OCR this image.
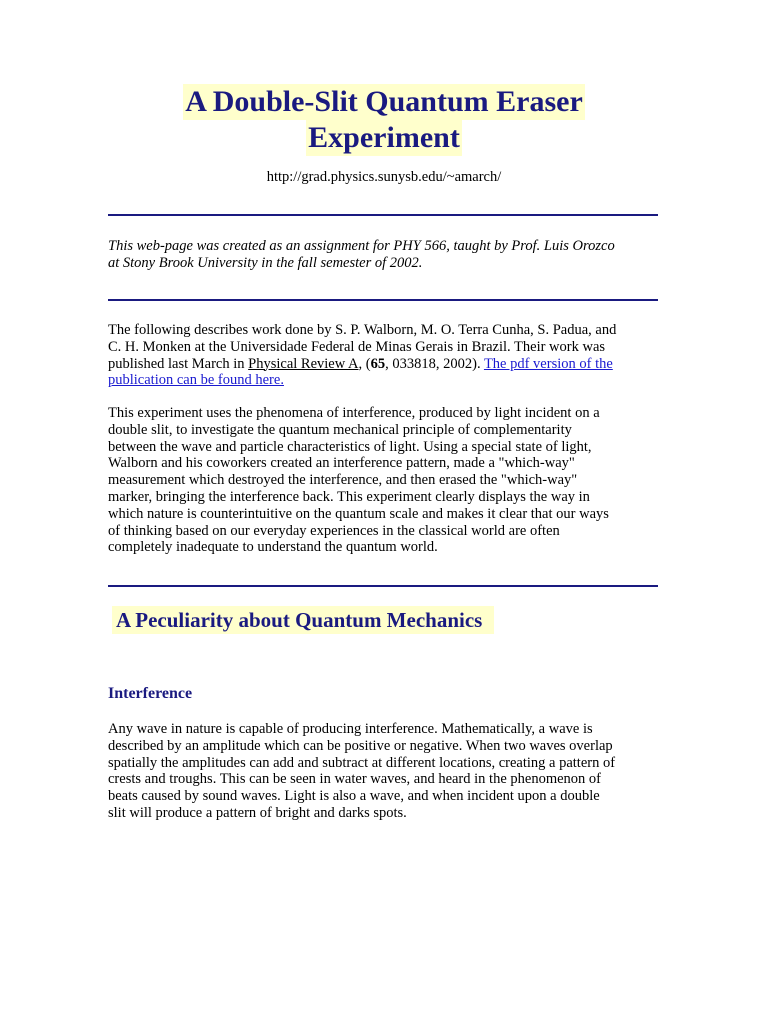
A Double-Slit Quantum Eraser
Experiment
http://grad.physics.sunysb.edu/~amarch/
This web-page was created as an assignment for PHY 566, taught by Prof. Luis Orozco
at Stony Brook University in the fall semester of 2002.
The following describes work done by S. P. Walborn, M. O. Terra Cunha, S. Padua, and
C. H. Monken at the Universidade Federal de Minas Gerais in Brazil. Their work was
published last March in Physical Review A, (65, 033818, 2002). The pdf version of the
publication can be found here.
This experiment uses the phenomena of interference, produced by light incident on a
double slit, to investigate the quantum mechanical principle of complementarity
between the wave and particle characteristics of light. Using a special state of light,
Walborn and his coworkers created an interference pattern, made a "which-way"
measurement which destroyed the interference, and then erased the "which-way"
marker, bringing the interference back. This experiment clearly displays the way in
which nature is counterintuitive on the quantum scale and makes it clear that our ways
of thinking based on our everyday experiences in the classical world are often
completely inadequate to understand the quantum world.
A Peculiarity about Quantum Mechanics
Interference
Any wave in nature is capable of producing interference. Mathematically, a wave is
described by an amplitude which can be positive or negative. When two waves overlap
spatially the amplitudes can add and subtract at different locations, creating a pattern of
crests and troughs. This can be seen in water waves, and heard in the phenomenon of
beats caused by sound waves. Light is also a wave, and when incident upon a double
slit will produce a pattern of bright and darks spots.
